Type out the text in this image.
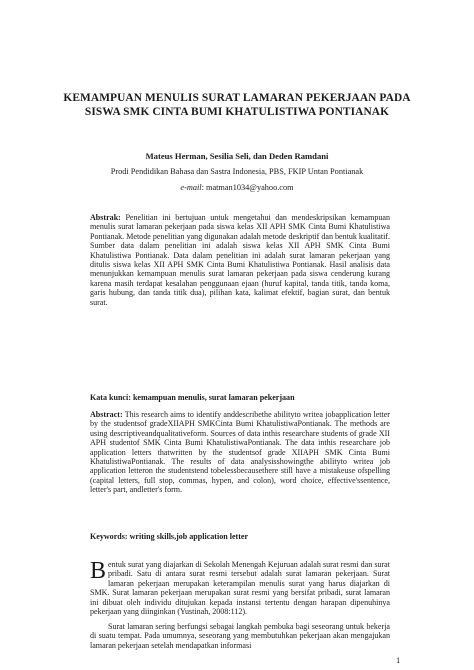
KEMAMPUAN MENULIS SURAT LAMARAN PEKERJAAN PADA SISWA SMK CINTA BUMI KHATULISTIWA PONTIANAK
Mateus Herman, Sesilia Seli, dan Deden Ramdani
Prodi Pendidikan Bahasa dan Sastra Indonesia, PBS, FKIP Untan Pontianak
e-mail: matman1034@yahoo.com
Abstrak: Penelitian ini bertujuan untuk mengetahui dan mendeskripsikan kemampuan menulis surat lamaran pekerjaan pada siswa kelas XII APH SMK Cinta Bumi Khatulistiwa Pontianak. Metode penelitian yang digunakan adalah metode deskriptif dan bentuk kualitatif. Sumber data dalam penelitian ini adalah siswa kelas XII APH SMK Cinta Bumi Khatulistiwa Pontianak. Data dalam penelitian ini adalah surat lamaran pekerjaan yang ditulis siswa kelas XII APH SMK Cinta Bumi Khatulistiwa Pontianak. Hasil analisis data menunjukkan kemampuan menulis surat lamaran pekerjaan pada siswa cenderung kurang karena masih terdapat kesalahan penggunaan ejaan (huruf kapital, tanda titik, tanda koma, garis hubung, dan tanda titik dua), pilihan kata, kalimat efektif, bagian surat, dan bentuk surat.
Kata kunci: kemampuan menulis, surat lamaran pekerjaan
Abstract: This research aims to identify anddescribethe abilityto writea jobapplication letter by the studentsof gradeXIIAPH SMKCinta Bumi KhatulistiwaPontianak. The methods are using descriptiveandqualitativeform. Sources of data inthis researchare students of grade XII APH studentof SMK Cinta Bumi KhatulistiwaPontianak. The data inthis researchare job application letters thatwritten by the studentsof grade XIIAPH SMK Cinta Bumi KhatulistiwaPontianak. The results of data analysisshowingthe abilityto writea job application letteron the studentstend tobelessbecausethere still have a mistakeuse ofspelling (capital letters, full stop, commas, hypen, and colon), word choice, effective'ssentence, letter's part, andletter's form.
Keywords: writing skills,job application letter
Bentuk surat yang diajarkan di Sekolah Menengah Kejuruan adalah surat resmi dan surat pribadi. Satu di antara surat resmi tersebut adalah surat lamaran pekerjaan. Surat lamaran pekerjaan merupakan keterampilan menulis surat yang harus diajarkan di SMK. Surat lamaran pekerjaan merupakan surat resmi yang bersifat pribadi, surat lamaran ini dibuat oleh individu ditujukan kepada instansi tertentu dengan harapan dipenuhinya pekerjaan yang diinginkan (Yustinah, 2008:112).
Surat lamaran sering berfungsi sebagai langkah pembuka bagi seseorang untuk bekerja di suatu tempat. Pada umumnya, seseorang yang membutuhkan pekerjaan akan mengajukan lamaran pekerjaan setelah mendapatkan informasi
1
